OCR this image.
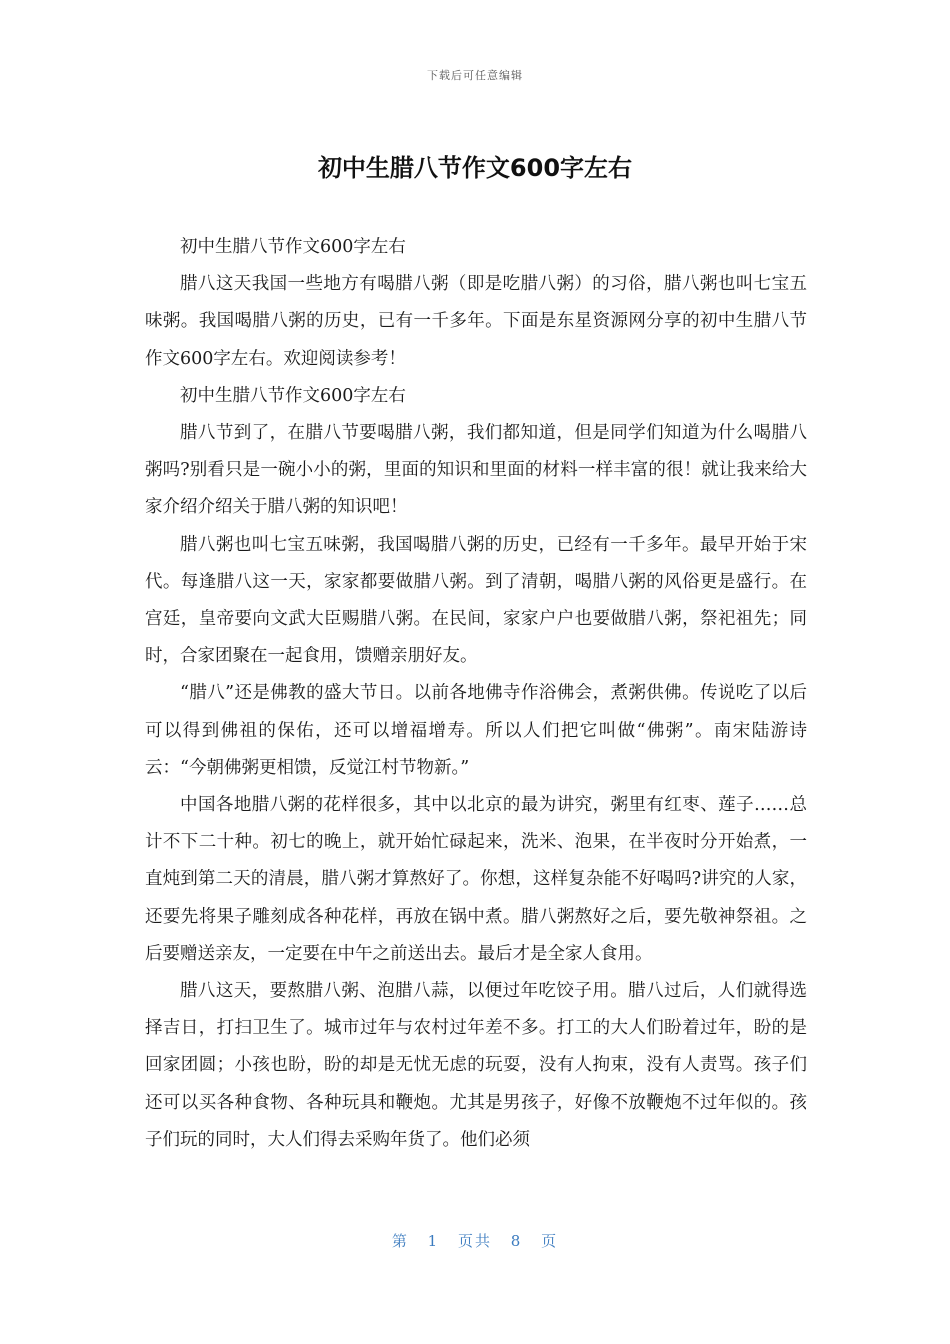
下载后可任意编辑
初中生腊八节作文600字左右

初中生腊八节作文600字左右

腊八这天我国一些地方有喝腊八粥（即是吃腊八粥）的习俗，腊八粥也叫七宝五味粥。我国喝腊八粥的历史，已有一千多年。下面是东星资源网分享的初中生腊八节作文600字左右。欢迎阅读参考！

初中生腊八节作文600字左右

腊八节到了，在腊八节要喝腊八粥，我们都知道，但是同学们知道为什么喝腊八粥吗?别看只是一碗小小的粥，里面的知识和里面的材料一样丰富的很！就让我来给大家介绍介绍关于腊八粥的知识吧！

腊八粥也叫七宝五味粥，我国喝腊八粥的历史，已经有一千多年。最早开始于宋代。每逢腊八这一天，家家都要做腊八粥。到了清朝，喝腊八粥的风俗更是盛行。在宫廷，皇帝要向文武大臣赐腊八粥。在民间，家家户户也要做腊八粥，祭祀祖先；同时，合家团聚在一起食用，馈赠亲朋好友。

“腊八”还是佛教的盛大节日。以前各地佛寺作浴佛会，煮粥供佛。传说吃了以后可以得到佛祖的保佑，还可以增福增寿。所以人们把它叫做“佛粥”。南宋陆游诗云：“今朝佛粥更相馈，反觉江村节物新。”

中国各地腊八粥的花样很多，其中以北京的最为讲究，粥里有红枣、莲子……总计不下二十种。初七的晚上，就开始忙碌起来，洗米、泡果，在半夜时分开始煮，一直炖到第二天的清晨，腊八粥才算熬好了。你想，这样复杂能不好喝吗?讲究的人家，还要先将果子雕刻成各种花样，再放在锅中煮。腊八粥熬好之后，要先敬神祭祖。之后要赠送亲友，一定要在中午之前送出去。最后才是全家人食用。

腊八这天，要熬腊八粥、泡腊八蒜，以便过年吃饺子用。腊八过后，人们就得选择吉日，打扫卫生了。城市过年与农村过年差不多。打工的大人们盼着过年，盼的是回家团圆；小孩也盼，盼的却是无忧无虑的玩耍，没有人拘束，没有人责骂。孩子们还可以买各种食物、各种玩具和鞭炮。尤其是男孩子，好像不放鞭炮不过年似的。孩子们玩的同时，大人们得去采购年货了。他们必须

第 1 页共 8 页
